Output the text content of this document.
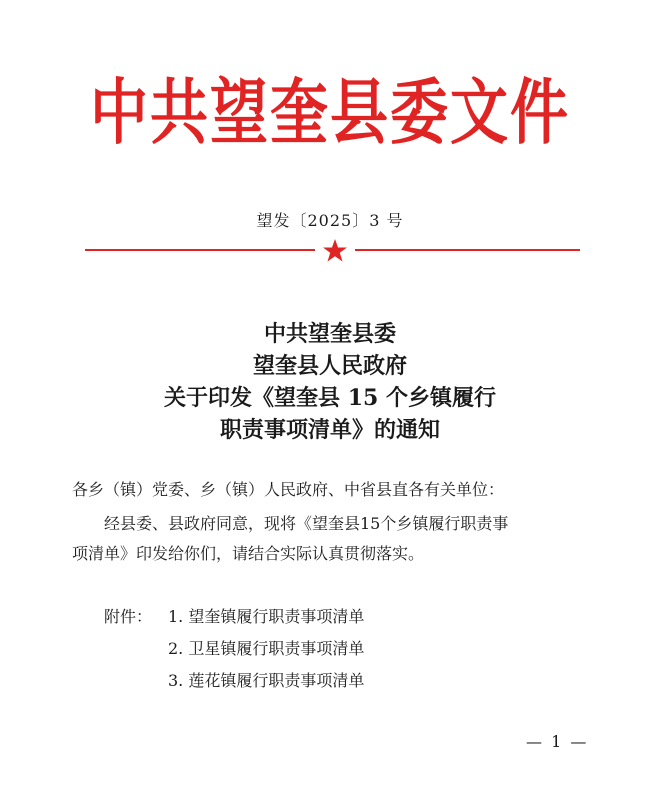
中共望奎县委文件
望发〔2025〕3 号
中共望奎县委
望奎县人民政府
关于印发《望奎县 15 个乡镇履行
职责事项清单》的通知
各乡（镇）党委、乡（镇）人民政府、中省县直各有关单位：
经县委、县政府同意，现将《望奎县15个乡镇履行职责事
项清单》印发给你们，请结合实际认真贯彻落实。
附件： 1. 望奎镇履行职责事项清单
2. 卫星镇履行职责事项清单
3. 莲花镇履行职责事项清单
— 1 —
